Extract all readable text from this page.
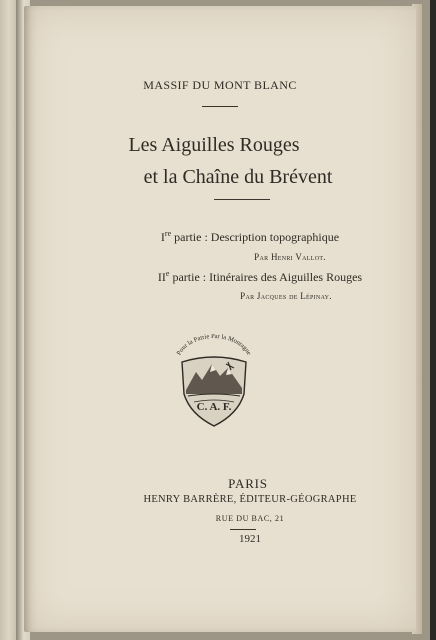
MASSIF DU MONT BLANC
Les Aiguilles Rouges
et la Chaîne du Brévent
Ire partie : Description topographique
Par Henri Vallot.
IIe partie : Itinéraires des Aiguilles Rouges
Par Jacques de Lépinay.
PARIS
HENRY BARRÈRE, ÉDITEUR-GÉOGRAPHE
RUE DU BAC, 21
1921
Pour la Patrie Par la Montagne
C. A. F.
